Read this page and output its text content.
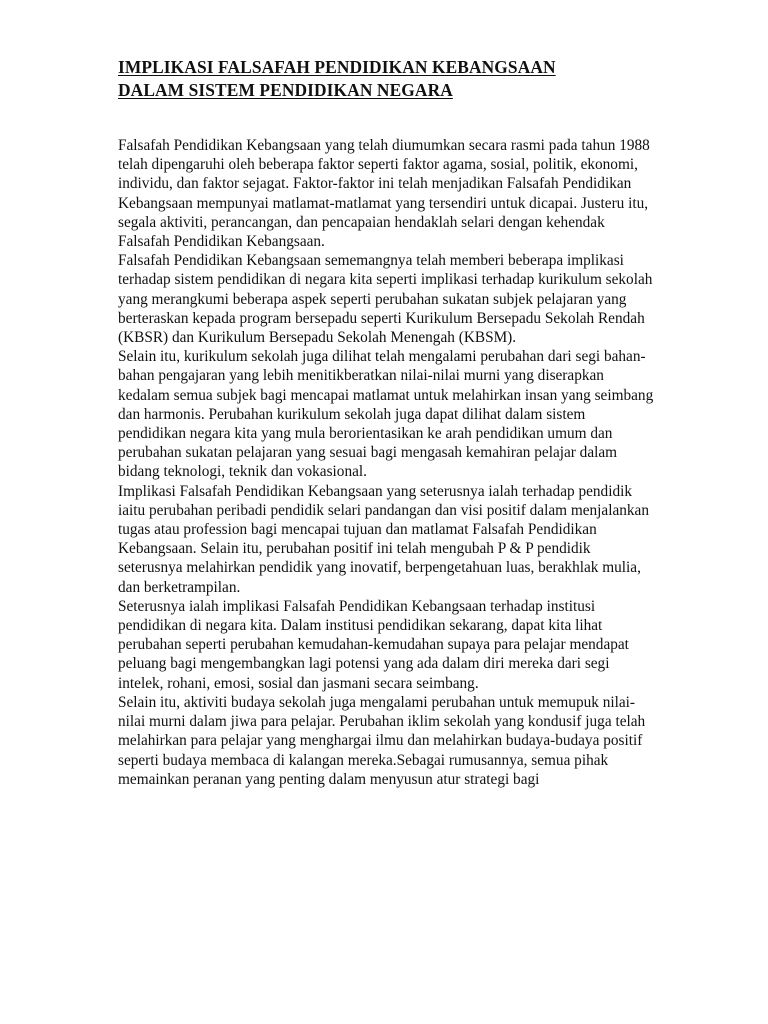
IMPLIKASI FALSAFAH PENDIDIKAN KEBANGSAAN
DALAM SISTEM PENDIDIKAN NEGARA

Falsafah Pendidikan Kebangsaan yang telah diumumkan secara rasmi pada tahun 1988 telah dipengaruhi oleh beberapa faktor seperti faktor agama, sosial, politik, ekonomi, individu, dan faktor sejagat. Faktor-faktor ini telah menjadikan Falsafah Pendidikan Kebangsaan mempunyai matlamat-matlamat yang tersendiri untuk dicapai. Justeru itu, segala aktiviti, perancangan, dan pencapaian hendaklah selari dengan kehendak Falsafah Pendidikan Kebangsaan.

Falsafah Pendidikan Kebangsaan sememangnya telah memberi beberapa implikasi terhadap sistem pendidikan di negara kita seperti implikasi terhadap kurikulum sekolah yang merangkumi beberapa aspek seperti perubahan sukatan subjek pelajaran yang berteraskan kepada program bersepadu seperti Kurikulum Bersepadu Sekolah Rendah (KBSR) dan Kurikulum Bersepadu Sekolah Menengah (KBSM).

Selain itu, kurikulum sekolah juga dilihat telah mengalami perubahan dari segi bahan-bahan pengajaran yang lebih menitikberatkan nilai-nilai murni yang diserapkan kedalam semua subjek bagi mencapai matlamat untuk melahirkan insan yang seimbang dan harmonis. Perubahan kurikulum sekolah juga dapat dilihat dalam sistem pendidikan negara kita yang mula berorientasikan ke arah pendidikan umum dan perubahan sukatan pelajaran yang sesuai bagi mengasah kemahiran pelajar dalam bidang teknologi, teknik dan vokasional.

Implikasi Falsafah Pendidikan Kebangsaan yang seterusnya ialah terhadap pendidik iaitu perubahan peribadi pendidik selari pandangan dan visi positif dalam menjalankan tugas atau profession bagi mencapai tujuan dan matlamat Falsafah Pendidikan Kebangsaan. Selain itu, perubahan positif ini telah mengubah P & P pendidik seterusnya melahirkan pendidik yang inovatif, berpengetahuan luas, berakhlak mulia, dan berketrampilan.

Seterusnya ialah implikasi Falsafah Pendidikan Kebangsaan terhadap institusi pendidikan di negara kita. Dalam institusi pendidikan sekarang, dapat kita lihat perubahan seperti perubahan kemudahan-kemudahan supaya para pelajar mendapat peluang bagi mengembangkan lagi potensi yang ada dalam diri mereka dari segi intelek, rohani, emosi, sosial dan jasmani secara seimbang.

Selain itu, aktiviti budaya sekolah juga mengalami perubahan untuk memupuk nilai-nilai murni dalam jiwa para pelajar. Perubahan iklim sekolah yang kondusif juga telah melahirkan para pelajar yang menghargai ilmu dan melahirkan budaya-budaya positif seperti budaya membaca di kalangan mereka.Sebagai rumusannya, semua pihak memainkan peranan yang penting dalam menyusun atur strategi bagi
